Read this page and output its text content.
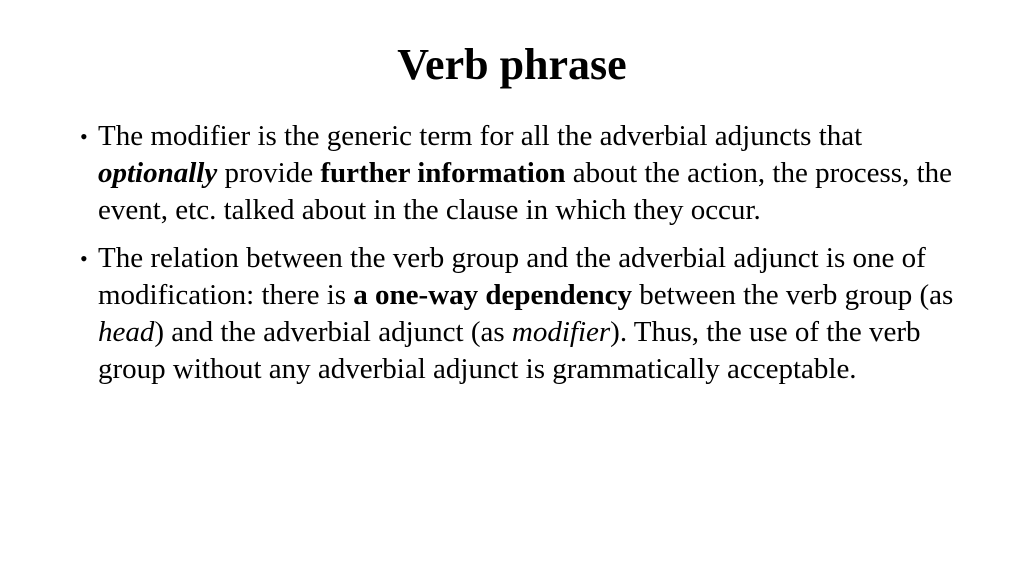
Verb phrase
• The modifier is the generic term for all the adverbial adjuncts that optionally provide further information about the action, the process, the event, etc. talked about in the clause in which they occur.
• The relation between the verb group and the adverbial adjunct is one of modification: there is a one-way dependency between the verb group (as head) and the adverbial adjunct (as modifier). Thus, the use of the verb group without any adverbial adjunct is grammatically acceptable.
